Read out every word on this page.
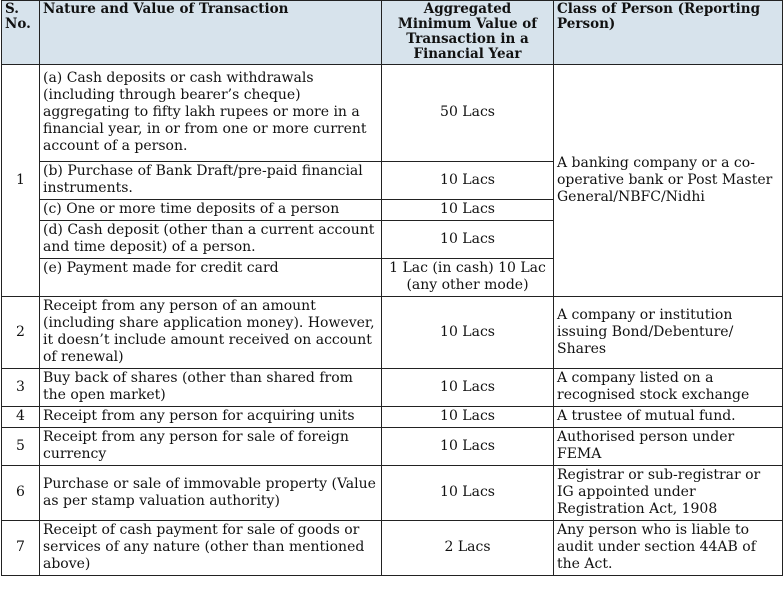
S. No.	Nature and Value of Transaction	Aggregated Minimum Value of Transaction in a Financial Year	Class of Person (Reporting Person)
1	(a) Cash deposits or cash withdrawals (including through bearer’s cheque) aggregating to fifty lakh rupees or more in a financial year, in or from one or more current account of a person.	50 Lacs	A banking company or a co-operative bank or Post Master General/NBFC/Nidhi
	(b) Purchase of Bank Draft/pre-paid financial instruments.	10 Lacs	
	(c) One or more time deposits of a person	10 Lacs	
	(d) Cash deposit (other than a current account and time deposit) of a person.	10 Lacs	
	(e) Payment made for credit card	1 Lac (in cash) 10 Lac (any other mode)	
2	Receipt from any person of an amount (including share application money). However, it doesn’t include amount received on account of renewal)	10 Lacs	A company or institution issuing Bond/Debenture/ Shares
3	Buy back of shares (other than shared from the open market)	10 Lacs	A company listed on a recognised stock exchange
4	Receipt from any person for acquiring units	10 Lacs	A trustee of mutual fund.
5	Receipt from any person for sale of foreign currency	10 Lacs	Authorised person under FEMA
6	Purchase or sale of immovable property (Value as per stamp valuation authority)	10 Lacs	Registrar or sub-registrar or IG appointed under Registration Act, 1908
7	Receipt of cash payment for sale of goods or services of any nature (other than mentioned above)	2 Lacs	Any person who is liable to audit under section 44AB of the Act.
